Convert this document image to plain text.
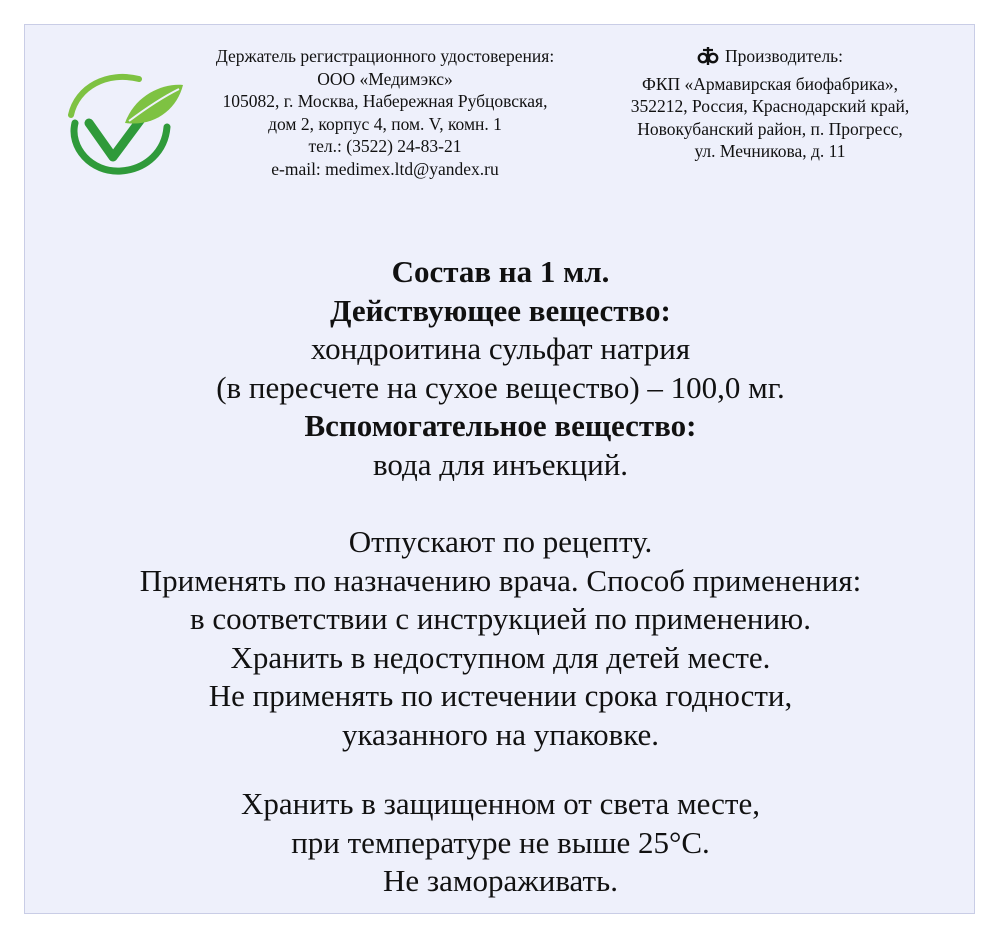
Держатель регистрационного удостоверения:
ООО «Медимэкс»
105082, г. Москва, Набережная Рубцовская,
дом 2, корпус 4, пом. V, комн. 1
тел.: (3522) 24-83-21
e-mail: medimex.ltd@yandex.ru
Производитель:
ФКП «Армавирская биофабрика»,
352212, Россия, Краснодарский край,
Новокубанский район, п. Прогресс,
ул. Мечникова, д. 11
Состав на 1 мл.
Действующее вещество:
хондроитина сульфат натрия
(в пересчете на сухое вещество) – 100,0 мг.
Вспомогательное вещество:
вода для инъекций.
Отпускают по рецепту.
Применять по назначению врача. Способ применения:
в соответствии с инструкцией по применению.
Хранить в недоступном для детей месте.
Не применять по истечении срока годности,
указанного на упаковке.
Хранить в защищенном от света месте,
при температуре не выше 25°С.
Не замораживать.
